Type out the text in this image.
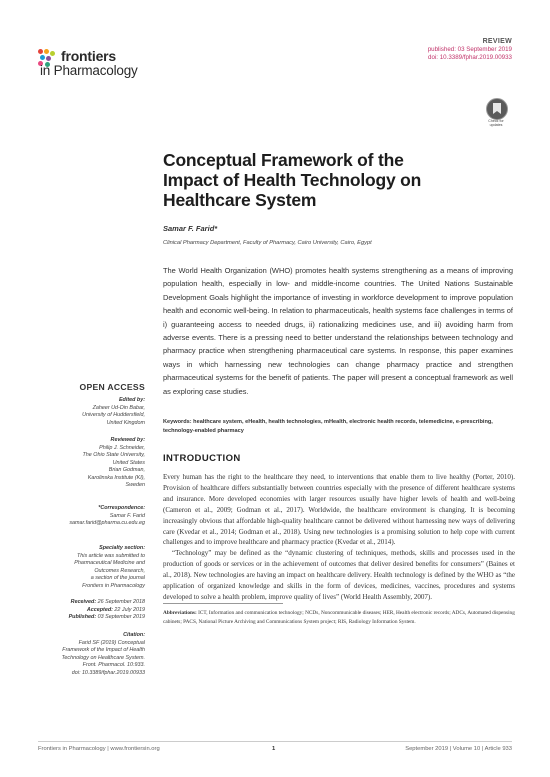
frontiers
in Pharmacology
REVIEW
published: 03 September 2019
doi: 10.3389/fphar.2019.00933
Check for updates
Conceptual Framework of the Impact of Health Technology on Healthcare System
Samar F. Farid*
Clinical Pharmacy Department, Faculty of Pharmacy, Cairo University, Cairo, Egypt
The World Health Organization (WHO) promotes health systems strengthening as a means of improving population health, especially in low- and middle-income countries. The United Nations Sustainable Development Goals highlight the importance of investing in workforce development to improve population health and economic well-being. In relation to pharmaceuticals, health systems face challenges in terms of i) guaranteeing access to needed drugs, ii) rationalizing medicines use, and iii) avoiding harm from adverse events. There is a pressing need to better understand the relationships between technology and pharmacy practice when strengthening pharmaceutical care systems. In response, this paper examines ways in which harnessing new technologies can change pharmacy practice and strengthen pharmaceutical systems for the benefit of patients. The paper will present a conceptual framework as well as exploring case studies.
Keywords: healthcare system, eHealth, health technologies, mHealth, electronic health records, telemedicine, e-prescribing, technology-enabled pharmacy
INTRODUCTION

Every human has the right to the healthcare they need, to interventions that enable them to live healthy (Porter, 2010). Provision of healthcare differs substantially between countries especially with the presence of different healthcare systems and insurance. More developed economies with larger resources usually have higher levels of health and well-being (Cameron et al., 2009; Godman et al., 2017). Worldwide, the healthcare environment is changing. It is becoming increasingly obvious that affordable high-quality healthcare cannot be delivered without harnessing new ways of delivering care (Kvedar et al., 2014; Godman et al., 2018). Using new technologies is a promising solution to help cope with current challenges and to improve healthcare and pharmacy practice (Kvedar et al., 2014).

“Technology” may be defined as the “dynamic clustering of techniques, methods, skills and processes used in the production of goods or services or in the achievement of outcomes that deliver desired benefits for consumers” (Baines et al., 2018). New technologies are having an impact on healthcare delivery. Health technology is defined by the WHO as “the application of organized knowledge and skills in the form of devices, medicines, vaccines, procedures and systems developed to solve a health problem, improve quality of lives” (World Health Assembly, 2007).

Abbreviations: ICT, Information and communication technology; NCDs, Noncommunicable diseases; HER, Health electronic records; ADCs, Automated dispensing cabinets; PACS, National Picture Archiving and Communications System project; RIS, Radiology Information System.
OPEN ACCESS
Edited by:
Zaheer Ud-Din Babar,
University of Huddersfield,
United Kingdom
Reviewed by:
Philip J. Schneider,
The Ohio State University,
United States
Brian Godman,
Karolinska Institute (KI),
Sweden
*Correspondence:
Samar F. Farid
samar.farid@pharma.cu.edu.eg
Specialty section:
This article was submitted to
Pharmaceutical Medicine and
Outcomes Research,
a section of the journal
Frontiers in Pharmacology
Received: 26 September 2018
Accepted: 22 July 2019
Published: 03 September 2019
Citation:
Farid SF (2019) Conceptual
Framework of the Impact of Health
Technology on Healthcare System.
Front. Pharmacol. 10:933.
doi: 10.3389/fphar.2019.00933
Frontiers in Pharmacology | www.frontiersin.org	1	September 2019 | Volume 10 | Article 933
